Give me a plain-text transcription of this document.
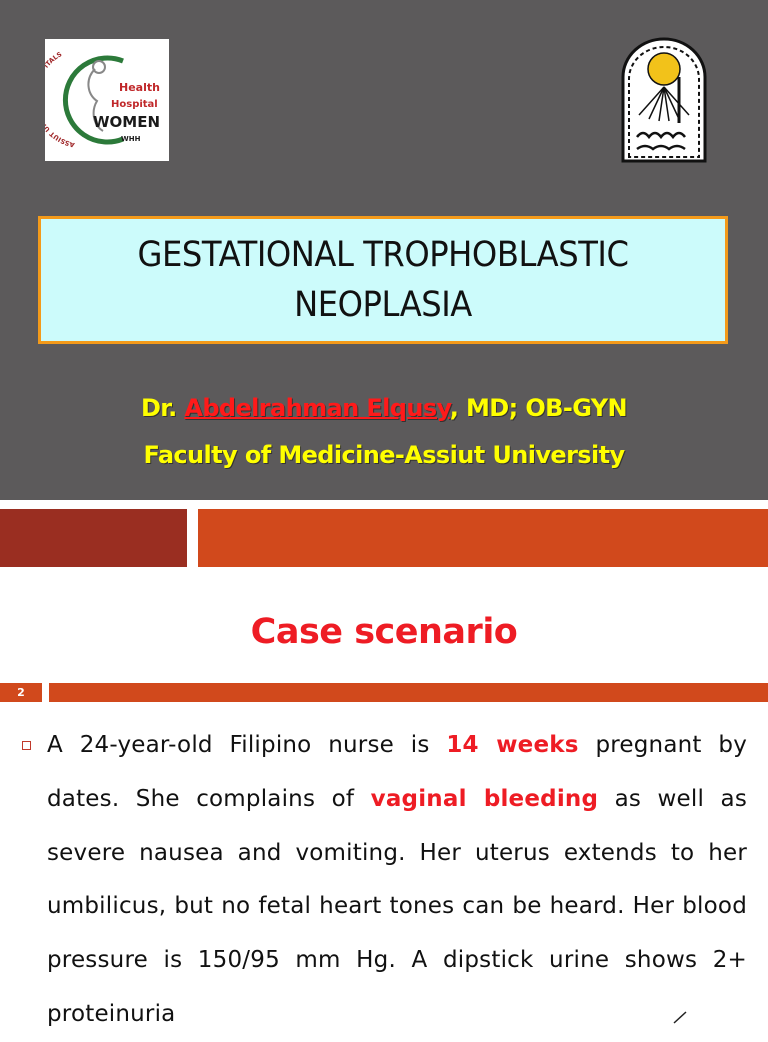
ASSIUT ALS
Health
Hospital
WOMEN
WHH
GESTATIONAL TROPHOBLASTIC
NEOPLASIA
Dr. Abdelrahman Elqusy, MD; OB-GYN
Faculty of Medicine-Assiut University
Case scenario
2
A 24-year-old Filipino nurse is 14 weeks pregnant by dates. She complains of vaginal bleeding as well as severe nausea and vomiting. Her uterus extends to her umbilicus, but no fetal heart tones can be heard. Her blood pressure is 150/95 mm Hg. A dipstick urine shows 2+ proteinuria
